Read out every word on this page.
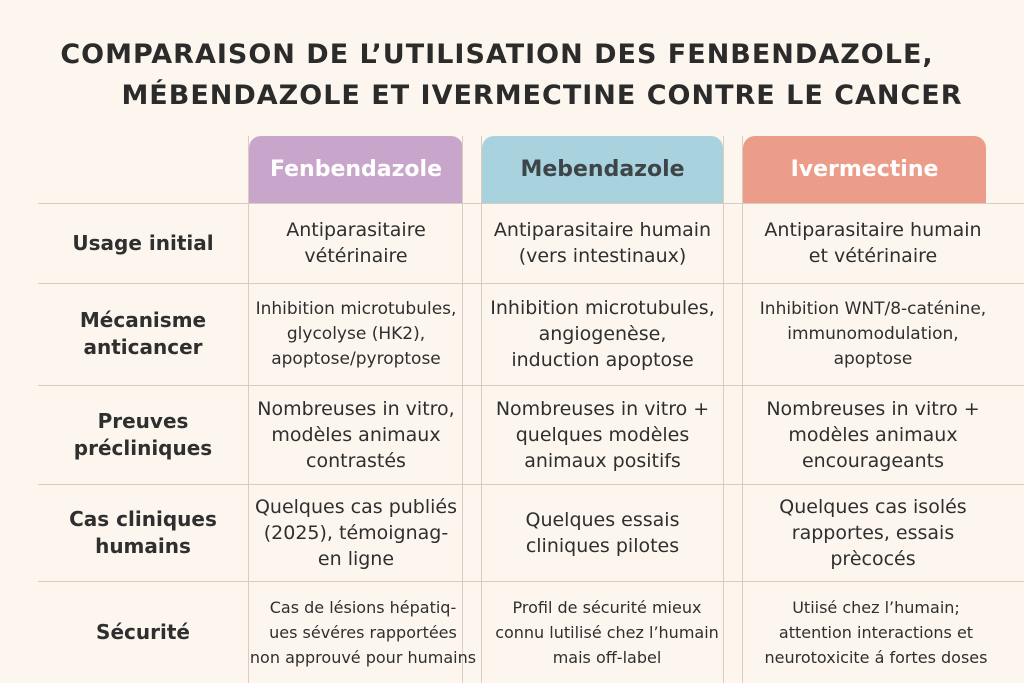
COMPARAISON DE L’UTILISATION DES FENBENDAZOLE,
MÉBENDAZOLE ET IVERMECTINE CONTRE LE CANCER
Fenbendazole	Mebendazole	Ivermectine
Usage initial
Antiparasitaire
vétérinaire
Antiparasitaire humain
(vers intestinaux)
Antiparasitaire humain
et vétérinaire
Mécanisme
anticancer
Inhibition microtubules,
glycolyse (HK2),
apoptose/pyroptose
Inhibition microtubules,
angiogenèse,
induction apoptose
Inhibition WNT/8-caténine,
immunomodulation,
apoptose
Preuves
précliniques
Nombreuses in vitro,
modèles animaux
contrastés
Nombreuses in vitro +
quelques modèles
animaux positifs
Nombreuses in vitro +
modèles animaux
encourageants
Cas cliniques
humains
Quelques cas publiés
(2025), témoignag-
en ligne
Quelques essais
cliniques pilotes
Quelques cas isolés
rapportes, essais
prècocés
Sécurité
Cas de lésions hépatiq-
ues sévéres rapportées
non approuvé pour humains
Profil de sécurité mieux
connu lutilisé chez l’humain
mais off-label
Utiisé chez l’humain;
attention interactions et
neurotoxicite á fortes doses
